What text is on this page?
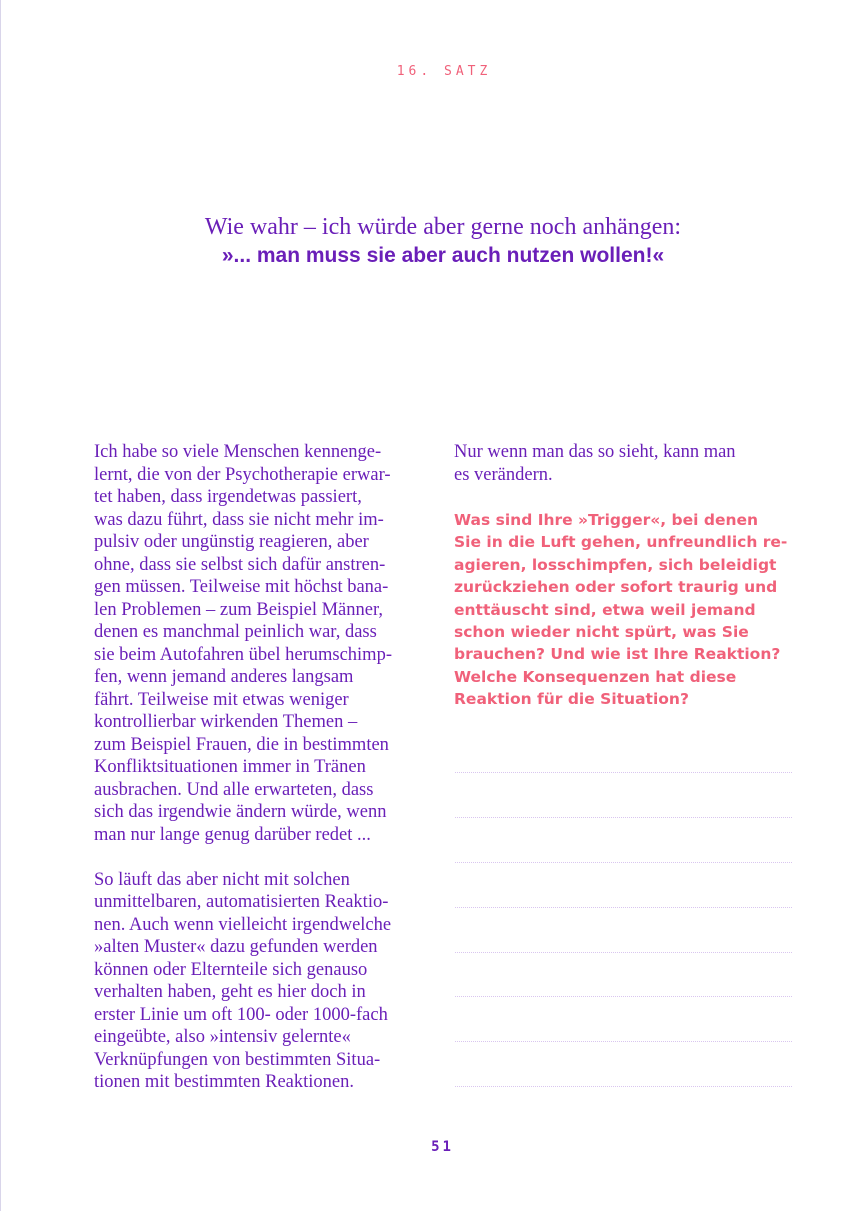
16. SATZ
Wie wahr – ich würde aber gerne noch anhängen:
»... man muss sie aber auch nutzen wollen!«
Ich habe so viele Menschen kennenge-
lernt, die von der Psychotherapie erwar-
tet haben, dass irgendetwas passiert,
was dazu führt, dass sie nicht mehr im-
pulsiv oder ungünstig reagieren, aber
ohne, dass sie selbst sich dafür anstren-
gen müssen. Teilweise mit höchst bana-
len Problemen – zum Beispiel Männer,
denen es manchmal peinlich war, dass
sie beim Autofahren übel herumschimp-
fen, wenn jemand anderes langsam
fährt. Teilweise mit etwas weniger
kontrollierbar wirkenden Themen –
zum Beispiel Frauen, die in bestimmten
Konfliktsituationen immer in Tränen
ausbrachen. Und alle erwarteten, dass
sich das irgendwie ändern würde, wenn
man nur lange genug darüber redet ...
So läuft das aber nicht mit solchen
unmittelbaren, automatisierten Reaktio-
nen. Auch wenn vielleicht irgendwelche
»alten Muster« dazu gefunden werden
können oder Elternteile sich genauso
verhalten haben, geht es hier doch in
erster Linie um oft 100- oder 1000-fach
eingeübte, also »intensiv gelernte«
Verknüpfungen von bestimmten Situa-
tionen mit bestimmten Reaktionen.
Nur wenn man das so sieht, kann man
es verändern.
Was sind Ihre »Trigger«, bei denen
Sie in die Luft gehen, unfreundlich re-
agieren, losschimpfen, sich beleidigt
zurückziehen oder sofort traurig und
enttäuscht sind, etwa weil jemand
schon wieder nicht spürt, was Sie
brauchen? Und wie ist Ihre Reaktion?
Welche Konsequenzen hat diese
Reaktion für die Situation?
51
